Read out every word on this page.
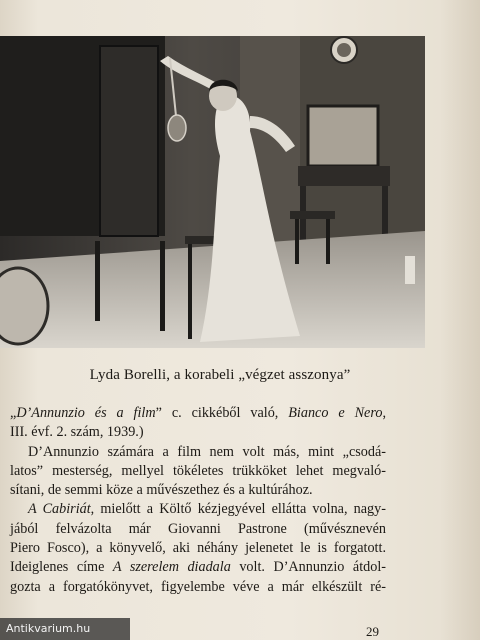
Lyda Borelli, a korabeli „végzet asszonya”
„D’Annunzio és a film” c. cikkéből való, Bianco e Nero,
III. évf. 2. szám, 1939.)
D’Annunzio számára a film nem volt más, mint „csodá-
latos” mesterség, mellyel tökéletes trükköket lehet megvaló-
sítani, de semmi köze a művészethez és a kultúrához.
A Cabiriát, mielőtt a Költő kézjegyével ellátta volna, nagy-
jából felvázolta már Giovanni Pastrone (művésznevén
Piero Fosco), a könyvelő, aki néhány jelenetet le is forgatott.
Ideiglenes címe A szerelem diadala volt. D’Annunzio átdol-
gozta a forgatókönyvet, figyelembe véve a már elkészült ré-
29
Antikvarium.hu
